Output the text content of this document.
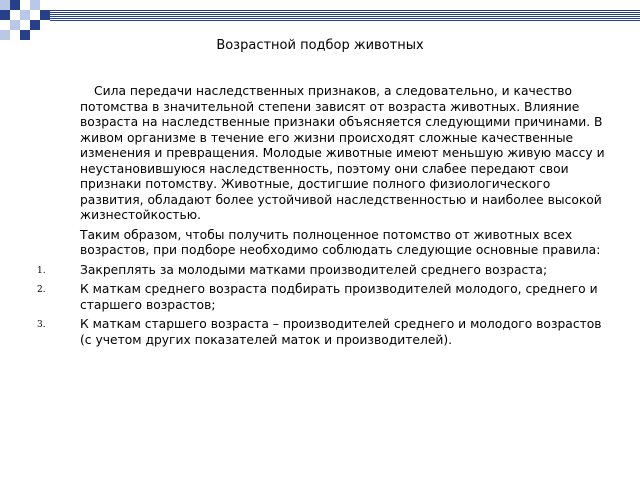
Возрастной подбор животных

Сила передачи наследственных признаков, а следовательно, и качество потомства в значительной степени зависят от возраста животных. Влияние возраста на наследственные признаки объясняется следующими причинами. В живом организме в течение его жизни происходят сложные качественные изменения и превращения. Молодые животные имеют меньшую живую массу и неустановившуюся наследственность, поэтому они слабее передают свои признаки потомству. Животные, достигшие полного физиологического развития, обладают более устойчивой наследственностью и наиболее высокой жизнестойкостью.

Таким образом, чтобы получить полноценное потомство от животных всех возрастов, при подборе необходимо соблюдать следующие основные правила:

1.	Закреплять за молодыми матками производителей среднего возраста;
2.	К маткам среднего возраста подбирать производителей молодого, среднего и старшего возрастов;
3.	К маткам старшего возраста – производителей среднего и молодого возрастов (с учетом других показателей маток и производителей).
